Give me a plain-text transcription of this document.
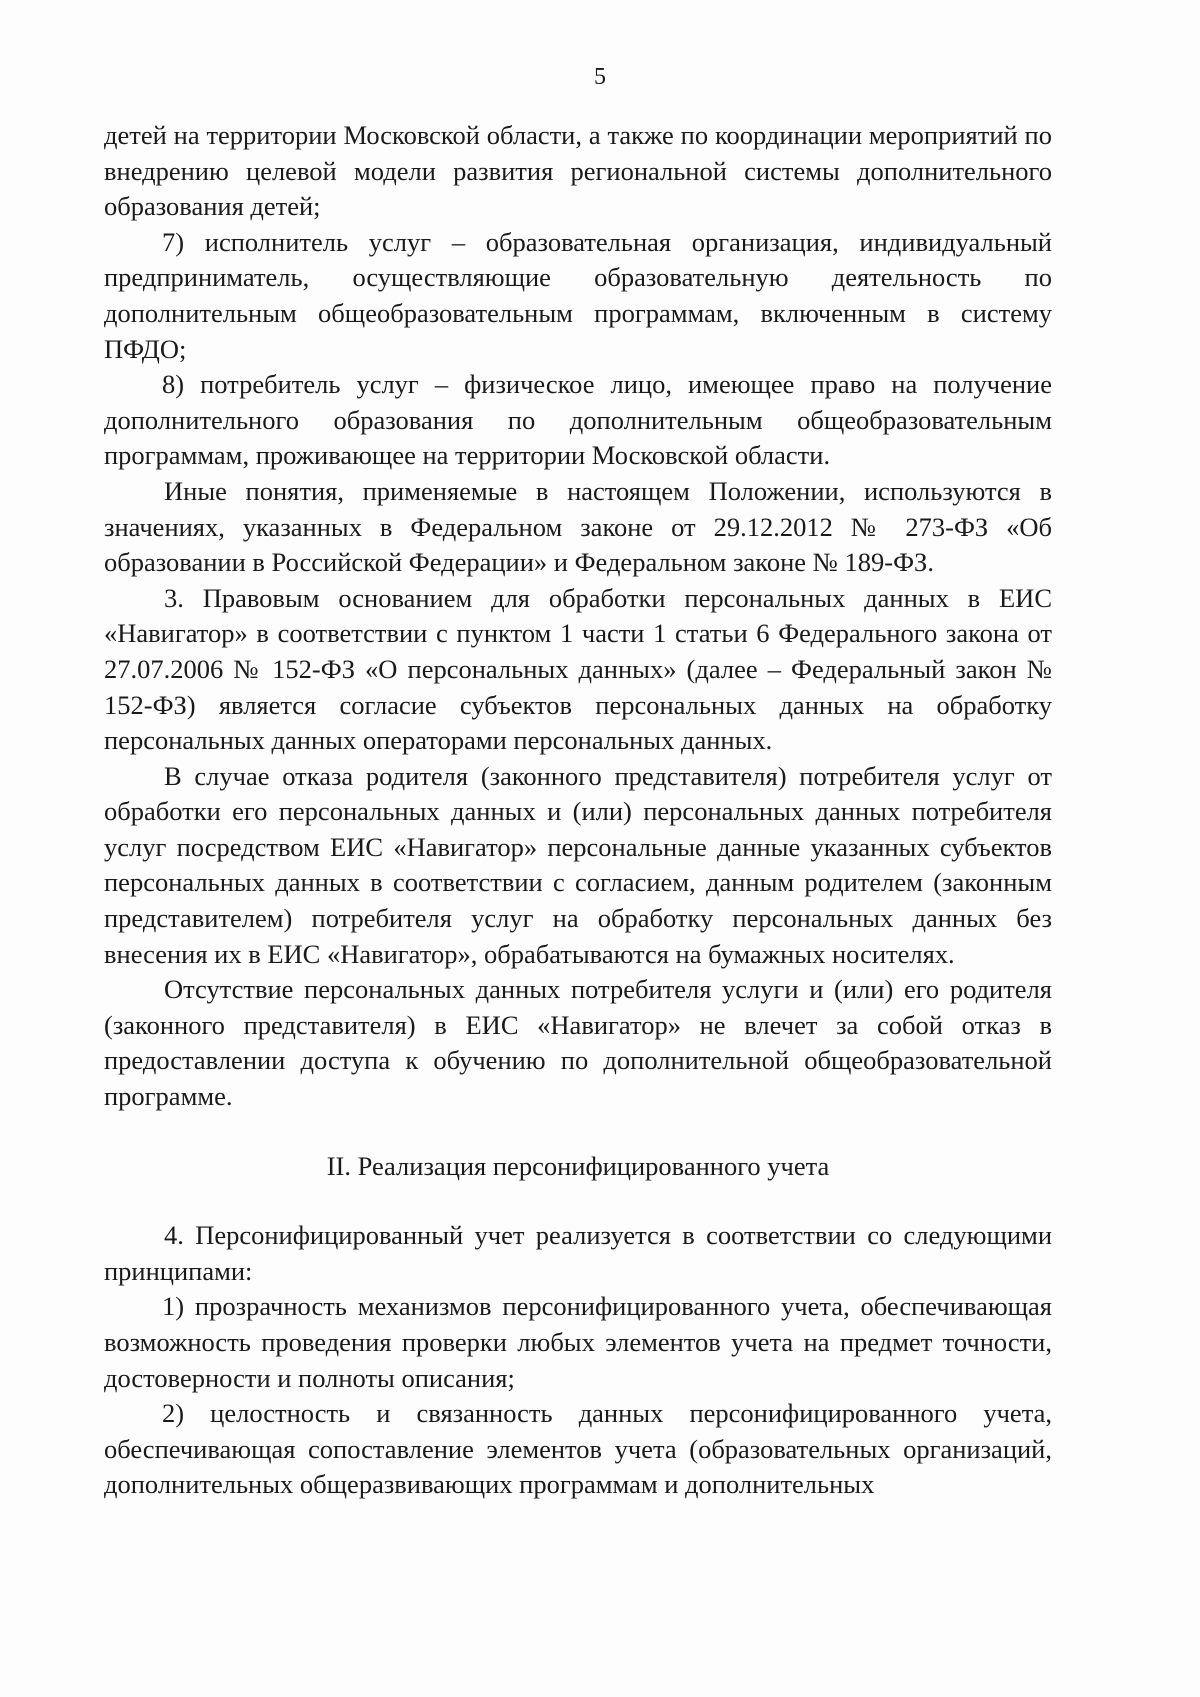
5

детей на территории Московской области, а также по координации мероприятий по внедрению целевой модели развития региональной системы дополнительного образования детей;

7) исполнитель услуг – образовательная организация, индивидуальный предприниматель, осуществляющие образовательную деятельность по дополнительным общеобразовательным программам, включенным в систему ПФДО;

8) потребитель услуг – физическое лицо, имеющее право на получение дополнительного образования по дополнительным общеобразовательным программам, проживающее на территории Московской области.

Иные понятия, применяемые в настоящем Положении, используются в значениях, указанных в Федеральном законе от 29.12.2012 № 273-ФЗ «Об образовании в Российской Федерации» и Федеральном законе № 189-ФЗ.

3. Правовым основанием для обработки персональных данных в ЕИС «Навигатор» в соответствии с пунктом 1 части 1 статьи 6 Федерального закона от 27.07.2006 № 152-ФЗ «О персональных данных» (далее – Федеральный закон № 152-ФЗ) является согласие субъектов персональных данных на обработку персональных данных операторами персональных данных.

В случае отказа родителя (законного представителя) потребителя услуг от обработки его персональных данных и (или) персональных данных потребителя услуг посредством ЕИС «Навигатор» персональные данные указанных субъектов персональных данных в соответствии с согласием, данным родителем (законным представителем) потребителя услуг на обработку персональных данных без внесения их в ЕИС «Навигатор», обрабатываются на бумажных носителях.

Отсутствие персональных данных потребителя услуги и (или) его родителя (законного представителя) в ЕИС «Навигатор» не влечет за собой отказ в предоставлении доступа к обучению по дополнительной общеобразовательной программе.

II. Реализация персонифицированного учета

4. Персонифицированный учет реализуется в соответствии со следующими принципами:

1) прозрачность механизмов персонифицированного учета, обеспечивающая возможность проведения проверки любых элементов учета на предмет точности, достоверности и полноты описания;

2) целостность и связанность данных персонифицированного учета, обеспечивающая сопоставление элементов учета (образовательных организаций, дополнительных общеразвивающих программам и дополнительных
